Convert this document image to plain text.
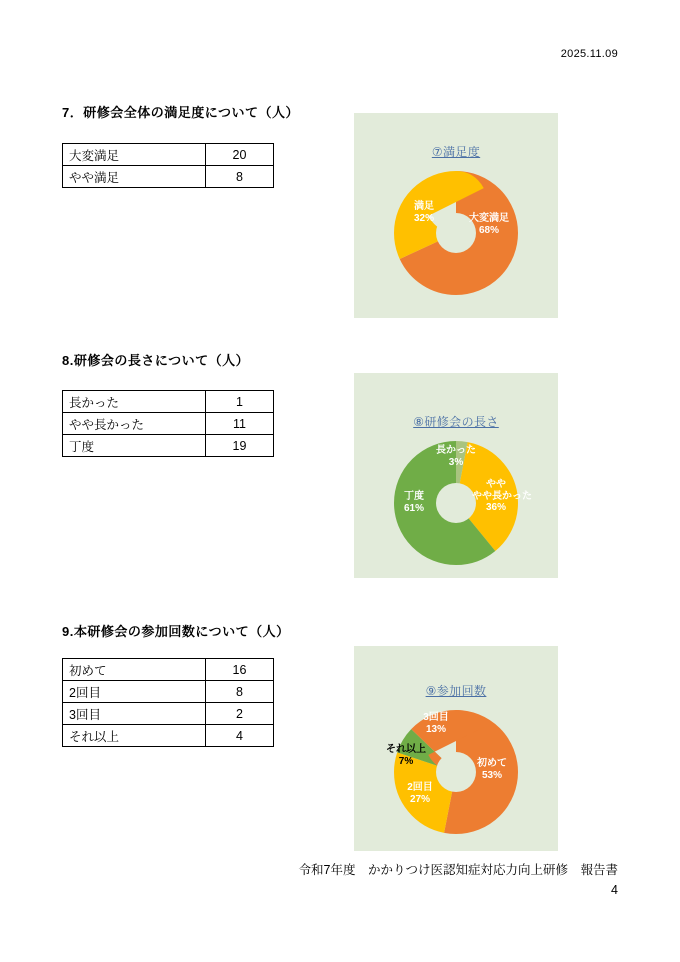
2025.11.09
7．研修会全体の満足度について（人）
大変満足	20
やや満足	8
⑦満足度
大変満足
68%
満足
32%
8.研修会の長さについて（人）
長かった	1
やや長かった	11
丁度	19
⑧研修会の長さ
長かった
3%
やや
やや長かった
36%
丁度
61%
9.本研修会の参加回数について（人）
初めて	16
2回目	8
3回目	2
それ以上	4
⑨参加回数
3回目
13%
それ以上
7%
2回目
27%
初めて
53%
令和7年度　かかりつけ医認知症対応力向上研修　報告書
4
